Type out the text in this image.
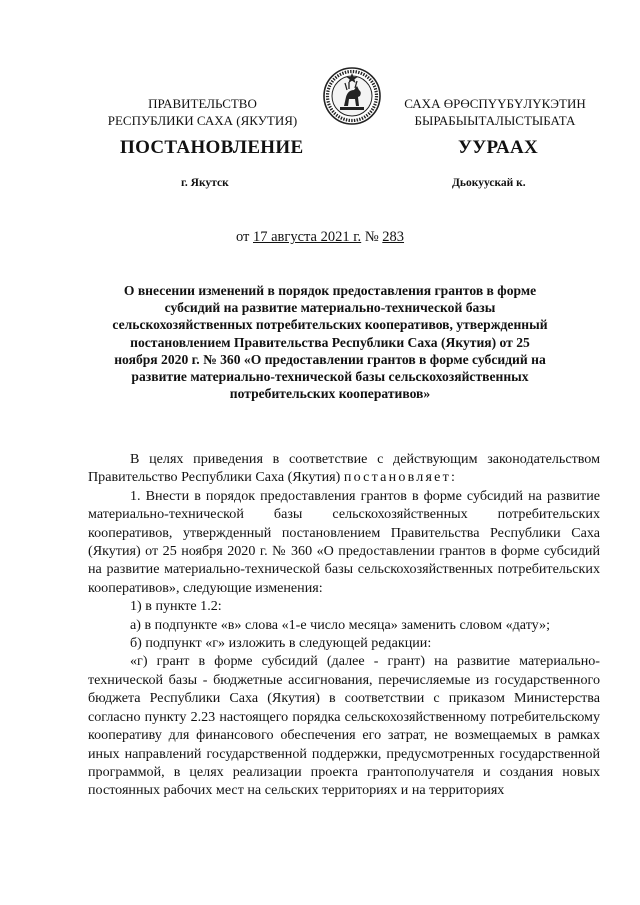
ПРАВИТЕЛЬСТВО
РЕСПУБЛИКИ САХА (ЯКУТИЯ)
САХА ӨРӨСПҮҮБҮЛҮКЭТИН
БЫРАБЫЫТАЛЫСТЫБАТА
ПОСТАНОВЛЕНИЕ	УУРААХ
г. Якутск	Дьокуускай к.
от 17 августа 2021 г. № 283
О внесении изменений в порядок предоставления грантов в форме субсидий на развитие материально-технической базы сельскохозяйственных потребительских кооперативов, утвержденный постановлением Правительства Республики Саха (Якутия) от 25 ноября 2020 г. № 360 «О предоставлении грантов в форме субсидий на развитие материально-технической базы сельскохозяйственных потребительских кооперативов»

В целях приведения в соответствие с действующим законодательством Правительство Республики Саха (Якутия) постановляет:

1. Внести в порядок предоставления грантов в форме субсидий на развитие материально-технической базы сельскохозяйственных потребительских кооперативов, утвержденный постановлением Правительства Республики Саха (Якутия) от 25 ноября 2020 г. № 360 «О предоставлении грантов в форме субсидий на развитие материально-технической базы сельскохозяйственных потребительских кооперативов», следующие изменения:

1) в пункте 1.2:

а) в подпункте «в» слова «1-е число месяца» заменить словом «дату»;

б) подпункт «г» изложить в следующей редакции:

«г) грант в форме субсидий (далее - грант) на развитие материально-технической базы - бюджетные ассигнования, перечисляемые из государственного бюджета Республики Саха (Якутия) в соответствии с приказом Министерства согласно пункту 2.23 настоящего порядка сельскохозяйственному потребительскому кооперативу для финансового обеспечения его затрат, не возмещаемых в рамках иных направлений государственной поддержки, предусмотренных государственной программой, в целях реализации проекта грантополучателя и создания новых постоянных рабочих мест на сельских территориях и на территориях
